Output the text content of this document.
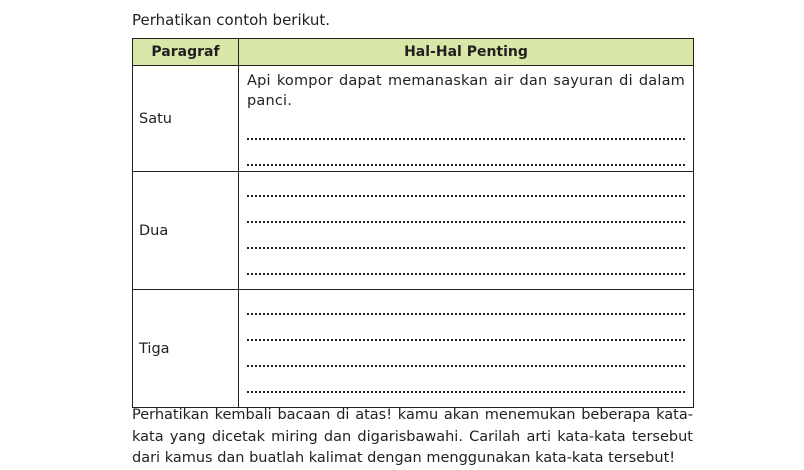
Perhatikan contoh berikut.

Paragraf	Hal-Hal Penting
Satu	Api kompor dapat memanaskan air dan sayuran di dalam panci.

Dua	

Tiga	

Perhatikan kembali bacaan di atas! kamu akan menemukan beberapa kata-kata yang dicetak miring dan digarisbawahi. Carilah arti kata-kata tersebut dari kamus dan buatlah kalimat dengan menggunakan kata-kata tersebut!
